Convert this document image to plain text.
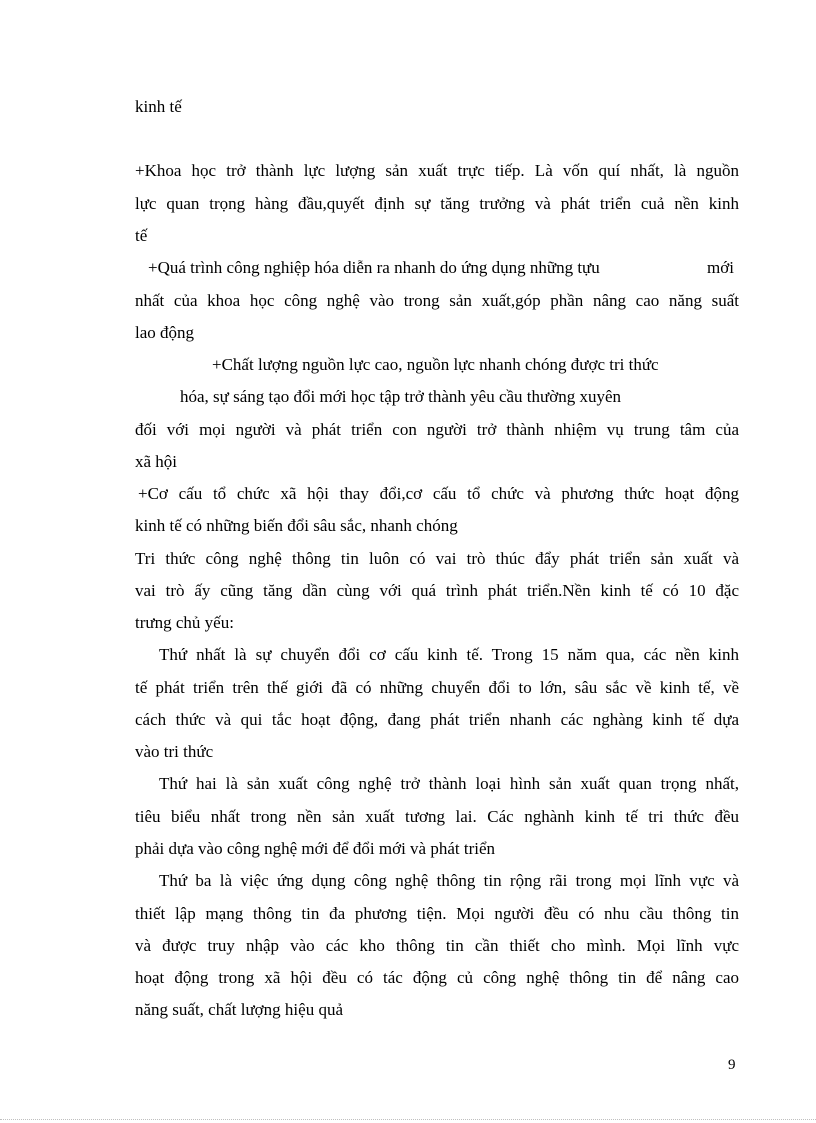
kinh tế
+Khoa học trở thành lực lượng sản xuất trực tiếp. Là vốn quí nhất, là nguồn
lực quan trọng hàng đầu,quyết định sự tăng trưởng và phát triển cuả nền kinh
tế
+Quá trình công nghiệp hóa diễn ra nhanh do ứng dụng những tựu	mới
nhất của khoa học công nghệ vào trong sản xuất,góp phần nâng cao năng suất
lao động
+Chất lượng nguồn lực cao, nguồn lực nhanh chóng được tri thức
hóa, sự sáng tạo đổi mới học tập trở thành yêu cầu thường xuyên
đối với mọi người và phát triển con người trở thành nhiệm vụ trung tâm của
xã hội
+Cơ cấu tổ chức xã hội thay đổi,cơ cấu tổ chức và phương thức hoạt động
kinh tế có những biến đổi sâu sắc, nhanh chóng
Tri thức công nghệ thông tin luôn có vai trò thúc đẩy phát triển sản xuất và
vai trò ấy cũng tăng dần cùng với quá trình phát triển.Nền kinh tế có 10 đặc
trưng chủ yếu:
Thứ nhất là sự chuyển đổi cơ cấu kinh tế. Trong 15 năm qua, các nền kinh
tế phát triển trên thế giới đã có những chuyển đổi to lớn, sâu sắc về kinh tế, về
cách thức và qui tắc hoạt động, đang phát triển nhanh các nghàng kinh tế dựa
vào tri thức
Thứ hai là sản xuất công nghệ trở thành loại hình sản xuất quan trọng nhất,
tiêu biểu nhất trong nền sản xuất tương lai. Các nghành kinh tế tri thức đều
phải dựa vào công nghệ mới để đổi mới và phát triển
Thứ ba là việc ứng dụng công nghệ thông tin rộng rãi trong mọi lĩnh vực và
thiết lập mạng thông tin đa phương tiện. Mọi người đều có nhu cầu thông tin
và được truy nhập vào các kho thông tin cần thiết cho mình. Mọi lĩnh vực
hoạt động trong xã hội đều có tác động củ công nghệ thông tin để nâng cao
năng suất, chất lượng hiệu quả
9
